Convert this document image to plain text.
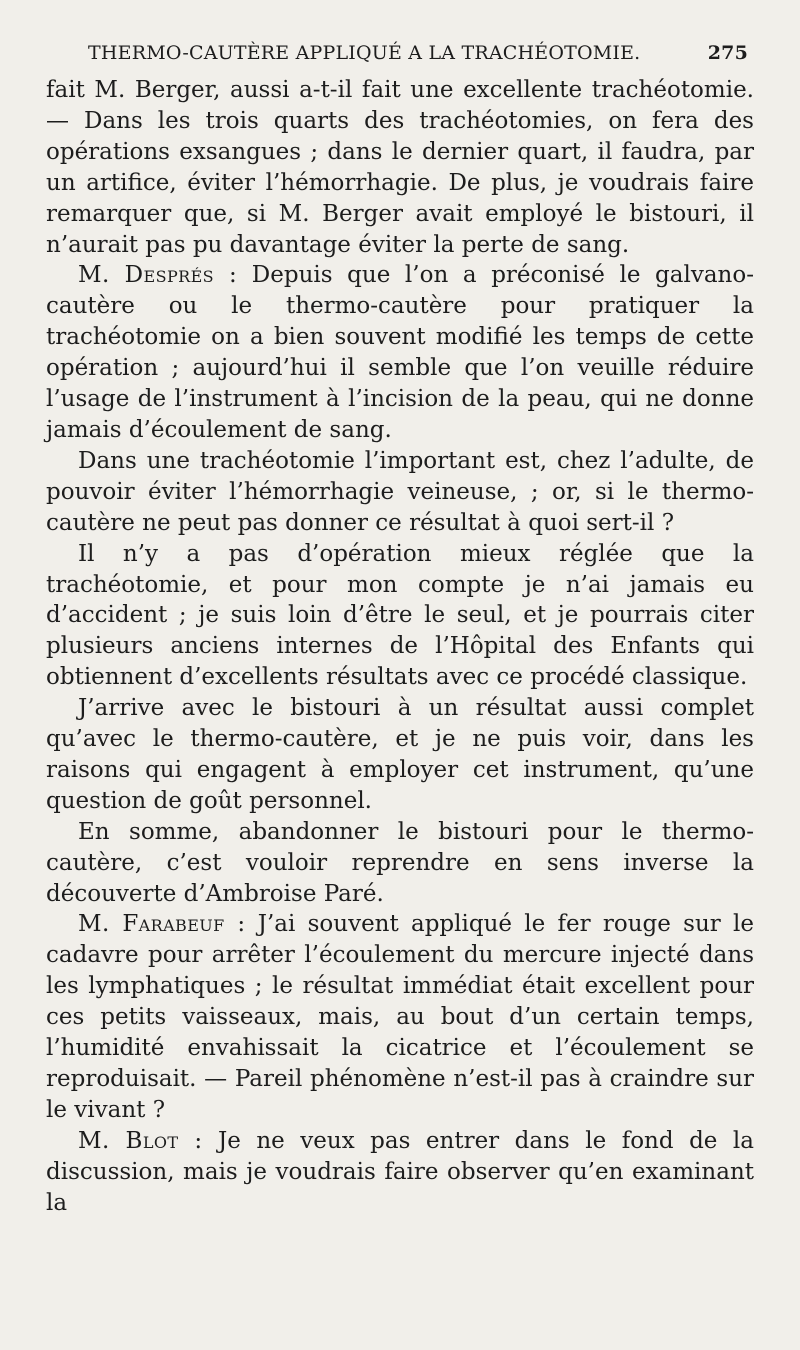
THERMO-CAUTÈRE APPLIQUÉ A LA TRACHÉOTOMIE.	275

fait M. Berger, aussi a-t-il fait une excellente trachéotomie. — Dans les trois quarts des trachéotomies, on fera des opérations exsangues ; dans le dernier quart, il faudra, par un artifice, éviter l’hémorrhagie. De plus, je voudrais faire remarquer que, si M. Berger avait employé le bistouri, il n’aurait pas pu davantage éviter la perte de sang.

M. Després : Depuis que l’on a préconisé le galvano-cautère ou le thermo-cautère pour pratiquer la trachéotomie on a bien souvent modifié les temps de cette opération ; aujourd’hui il semble que l’on veuille réduire l’usage de l’instrument à l’incision de la peau, qui ne donne jamais d’écoulement de sang.

Dans une trachéotomie l’important est, chez l’adulte, de pouvoir éviter l’hémorrhagie veineuse, ; or, si le thermo-cautère ne peut pas donner ce résultat à quoi sert-il ?

Il n’y a pas d’opération mieux réglée que la trachéotomie, et pour mon compte je n’ai jamais eu d’accident ; je suis loin d’être le seul, et je pourrais citer plusieurs anciens internes de l’Hôpital des Enfants qui obtiennent d’excellents résultats avec ce procédé classique.

J’arrive avec le bistouri à un résultat aussi complet qu’avec le thermo-cautère, et je ne puis voir, dans les raisons qui engagent à employer cet instrument, qu’une question de goût personnel.

En somme, abandonner le bistouri pour le thermo-cautère, c’est vouloir reprendre en sens inverse la découverte d’Ambroise Paré.

M. Farabeuf : J’ai souvent appliqué le fer rouge sur le cadavre pour arrêter l’écoulement du mercure injecté dans les lymphatiques ; le résultat immédiat était excellent pour ces petits vaisseaux, mais, au bout d’un certain temps, l’humidité envahissait la cicatrice et l’écoulement se reproduisait. — Pareil phénomène n’est-il pas à craindre sur le vivant ?

M. Blot : Je ne veux pas entrer dans le fond de la discussion, mais je voudrais faire observer qu’en examinant la
